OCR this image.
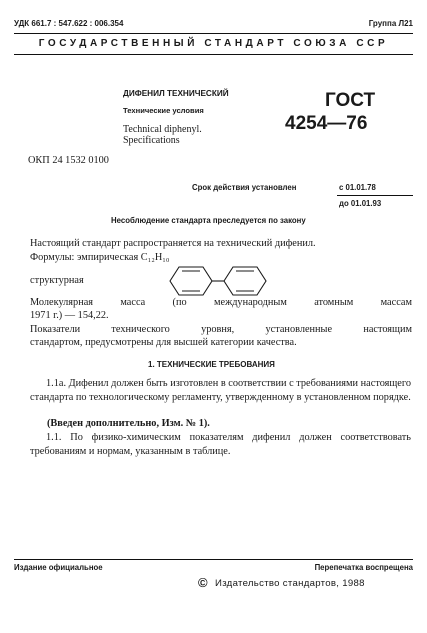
УДК 661.7 : 547.622 : 006.354	Группа Л21
ГОСУДАРСТВЕННЫЙ СТАНДАРТ СОЮЗА ССР
ДИФЕНИЛ ТЕХНИЧЕСКИЙ
Технические условия
Technical diphenyl.
Specifications
ГОСТ
4254—76
ОКП 24 1532 0100
Срок действия установлен	с 01.01.78
до 01.01.93
Несоблюдение стандарта преследуется по закону
Настоящий стандарт распространяется на технический дифенил.
Формулы: эмпирическая C₁₂H₁₀
структурная
Молекулярная масса (по международным атомным массам
1971 г.) — 154,22.
Показатели технического уровня, установленные настоящим
стандартом, предусмотрены для высшей категории качества.
1. ТЕХНИЧЕСКИЕ ТРЕБОВАНИЯ
1.1а. Дифенил должен быть изготовлен в соответствии с требованиями настоящего стандарта по технологическому регламенту, утвержденному в установленном порядке.
(Введен дополнительно, Изм. № 1).
1.1. По физико-химическим показателям дифенил должен соответствовать требованиям и нормам, указанным в таблице.
Издание официальное	Перепечатка воспрещена
© Издательство стандартов, 1988
